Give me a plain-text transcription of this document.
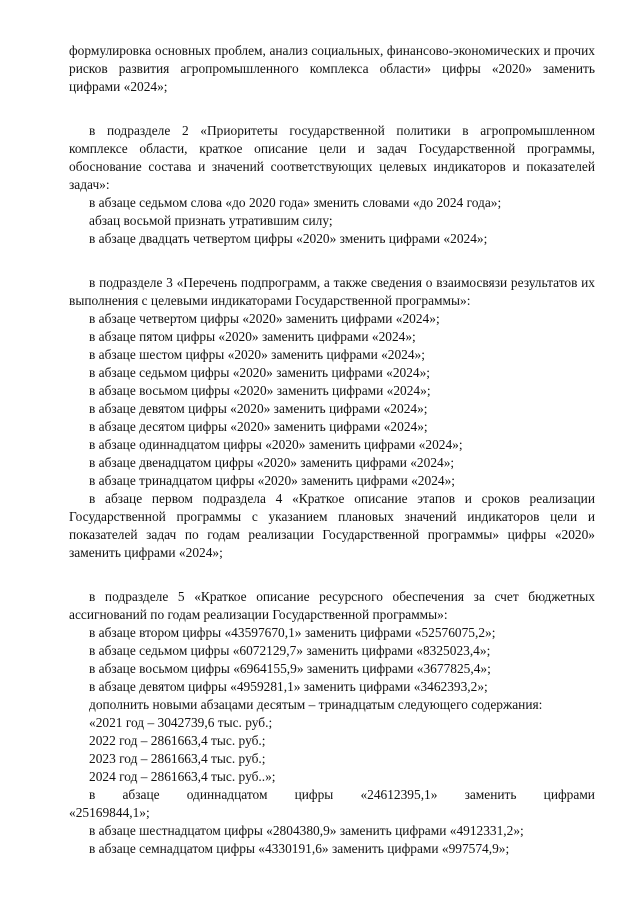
формулировка основных проблем, анализ социальных, финансово-экономических и прочих рисков развития агропромышленного комплекса области» цифры «2020» заменить цифрами «2024»;

в подразделе 2 «Приоритеты государственной политики в агропромышленном комплексе области, краткое описание цели и задач Государственной программы, обоснование состава и значений соответствующих целевых индикаторов и показателей задач»:

в абзаце седьмом слова «до 2020 года» зменить словами «до 2024 года»;
абзац восьмой признать утратившим силу;
в абзаце двадцать четвертом цифры «2020» зменить цифрами «2024»;

в подразделе 3 «Перечень подпрограмм, а также сведения о взаимосвязи результатов их выполнения с целевыми индикаторами Государственной программы»:

в абзаце четвертом цифры «2020» заменить цифрами «2024»;
в абзаце пятом цифры «2020» заменить цифрами «2024»;
в абзаце шестом цифры «2020» заменить цифрами «2024»;
в абзаце седьмом цифры «2020» заменить цифрами «2024»;
в абзаце восьмом цифры «2020» заменить цифрами «2024»;
в абзаце девятом цифры «2020» заменить цифрами «2024»;
в абзаце десятом цифры «2020» заменить цифрами «2024»;
в абзаце одиннадцатом цифры «2020» заменить цифрами «2024»;
в абзаце двенадцатом цифры «2020» заменить цифрами «2024»;
в абзаце тринадцатом цифры «2020» заменить цифрами «2024»;

в абзаце первом подраздела 4 «Краткое описание этапов и сроков реализации Государственной программы с указанием плановых значений индикаторов цели и показателей задач по годам реализации Государственной программы» цифры «2020» заменить цифрами «2024»;

в подразделе 5 «Краткое описание ресурсного обеспечения за счет бюджетных ассигнований по годам реализации Государственной программы»:

в абзаце втором цифры «43597670,1» заменить цифрами «52576075,2»;
в абзаце седьмом цифры «6072129,7» заменить цифрами «8325023,4»;
в абзаце восьмом цифры «6964155,9» заменить цифрами «3677825,4»;
в абзаце девятом цифры «4959281,1» заменить цифрами «3462393,2»;

дополнить новыми абзацами десятым – тринадцатым следующего содержания:

«2021 год – 3042739,6 тыс. руб.;
2022 год – 2861663,4 тыс. руб.;
2023 год – 2861663,4 тыс. руб.;
2024 год – 2861663,4 тыс. руб..»;
в абзаце одиннадцатом цифры «24612395,1» заменить цифрами
«25169844,1»;
в абзаце шестнадцатом цифры «2804380,9» заменить цифрами «4912331,2»;
в абзаце семнадцатом цифры «4330191,6» заменить цифрами «997574,9»;
